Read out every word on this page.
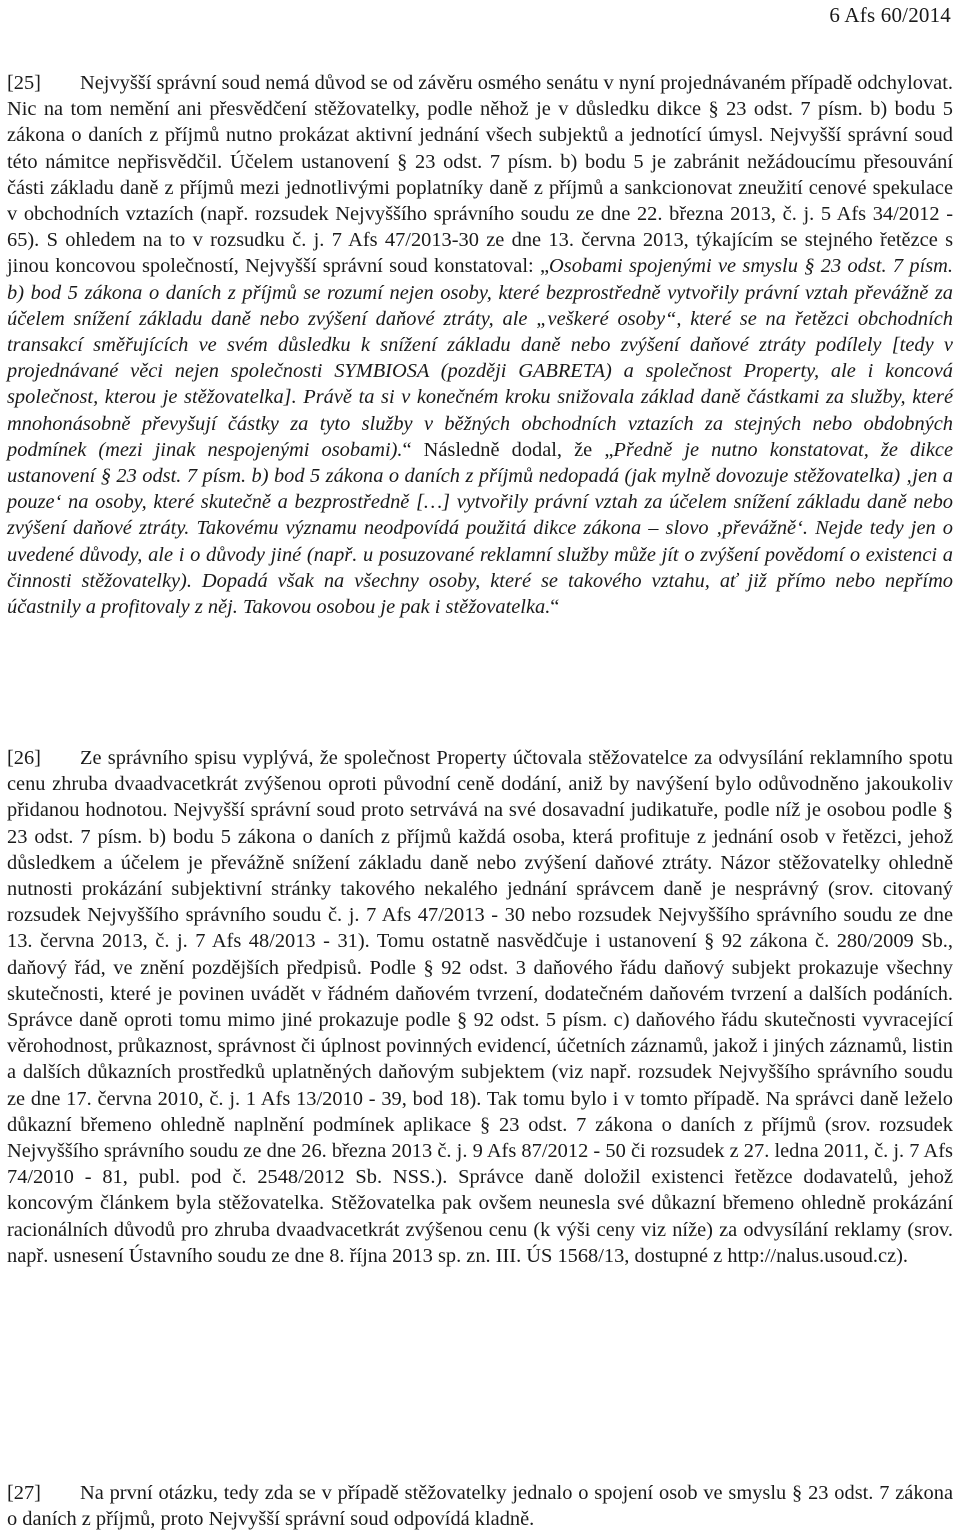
6 Afs 60/2014

[25] Nejvyšší správní soud nemá důvod se od závěru osmého senátu v nyní projednávaném případě odchylovat. Nic na tom nemění ani přesvědčení stěžovatelky, podle něhož je v důsledku dikce § 23 odst. 7 písm. b) bodu 5 zákona o daních z příjmů nutno prokázat aktivní jednání všech subjektů a jednotící úmysl. Nejvyšší správní soud této námitce nepřisvědčil. Účelem ustanovení § 23 odst. 7 písm. b) bodu 5 je zabránit nežádoucímu přesouvání části základu daně z příjmů mezi jednotlivými poplatníky daně z příjmů a sankcionovat zneužití cenové spekulace v obchodních vztazích (např. rozsudek Nejvyššího správního soudu ze dne 22. března 2013, č. j. 5 Afs 34/2012 - 65). S ohledem na to v rozsudku č. j. 7 Afs 47/2013-30 ze dne 13. června 2013, týkajícím se stejného řetězce s jinou koncovou společností, Nejvyšší správní soud konstatoval: „Osobami spojenými ve smyslu § 23 odst. 7 písm. b) bod 5 zákona o daních z příjmů se rozumí nejen osoby, které bezprostředně vytvořily právní vztah převážně za účelem snížení základu daně nebo zvýšení daňové ztráty, ale „veškeré osoby“, které se na řetězci obchodních transakcí směřujících ve svém důsledku k snížení základu daně nebo zvýšení daňové ztráty podílely [tedy v projednávané věci nejen společnosti SYMBIOSA (později GABRETA) a společnost Property, ale i koncová společnost, kterou je stěžovatelka]. Právě ta si v konečném kroku snižovala základ daně částkami za služby, které mnohonásobně převyšují částky za tyto služby v běžných obchodních vztazích za stejných nebo obdobných podmínek (mezi jinak nespojenými osobami).“ Následně dodal, že „Předně je nutno konstatovat, že dikce ustanovení § 23 odst. 7 písm. b) bod 5 zákona o daních z příjmů nedopadá (jak mylně dovozuje stěžovatelka) ‚jen a pouze‘ na osoby, které skutečně a bezprostředně […] vytvořily právní vztah za účelem snížení základu daně nebo zvýšení daňové ztráty. Takovému významu neodpovídá použitá dikce zákona – slovo ‚převážně‘. Nejde tedy jen o uvedené důvody, ale i o důvody jiné (např. u posuzované reklamní služby může jít o zvýšení povědomí o existenci a činnosti stěžovatelky). Dopadá však na všechny osoby, které se takového vztahu, ať již přímo nebo nepřímo účastnily a profitovaly z něj. Takovou osobou je pak i stěžovatelka.“

[26] Ze správního spisu vyplývá, že společnost Property účtovala stěžovatelce za odvysílání reklamního spotu cenu zhruba dvaadvacetkrát zvýšenou oproti původní ceně dodání, aniž by navýšení bylo odůvodněno jakoukoliv přidanou hodnotou. Nejvyšší správní soud proto setrvává na své dosavadní judikatuře, podle níž je osobou podle § 23 odst. 7 písm. b) bodu 5 zákona o daních z příjmů každá osoba, která profituje z jednání osob v řetězci, jehož důsledkem a účelem je převážně snížení základu daně nebo zvýšení daňové ztráty. Názor stěžovatelky ohledně nutnosti prokázání subjektivní stránky takového nekalého jednání správcem daně je nesprávný (srov. citovaný rozsudek Nejvyššího správního soudu č. j. 7 Afs 47/2013 - 30 nebo rozsudek Nejvyššího správního soudu ze dne 13. června 2013, č. j. 7 Afs 48/2013 - 31). Tomu ostatně nasvědčuje i ustanovení § 92 zákona č. 280/2009 Sb., daňový řád, ve znění pozdějších předpisů. Podle § 92 odst. 3 daňového řádu daňový subjekt prokazuje všechny skutečnosti, které je povinen uvádět v řádném daňovém tvrzení, dodatečném daňovém tvrzení a dalších podáních. Správce daně oproti tomu mimo jiné prokazuje podle § 92 odst. 5 písm. c) daňového řádu skutečnosti vyvracející věrohodnost, průkaznost, správnost či úplnost povinných evidencí, účetních záznamů, jakož i jiných záznamů, listin a dalších důkazních prostředků uplatněných daňovým subjektem (viz např. rozsudek Nejvyššího správního soudu ze dne 17. června 2010, č. j. 1 Afs 13/2010 - 39, bod 18). Tak tomu bylo i v tomto případě. Na správci daně leželo důkazní břemeno ohledně naplnění podmínek aplikace § 23 odst. 7 zákona o daních z příjmů (srov. rozsudek Nejvyššího správního soudu ze dne 26. března 2013 č. j. 9 Afs 87/2012 - 50 či rozsudek z 27. ledna 2011, č. j. 7 Afs 74/2010 - 81, publ. pod č. 2548/2012 Sb. NSS.). Správce daně doložil existenci řetězce dodavatelů, jehož koncovým článkem byla stěžovatelka. Stěžovatelka pak ovšem neunesla své důkazní břemeno ohledně prokázání racionálních důvodů pro zhruba dvaadvacetkrát zvýšenou cenu (k výši ceny viz níže) za odvysílání reklamy (srov. např. usnesení Ústavního soudu ze dne 8. října 2013 sp. zn. III. ÚS 1568/13, dostupné z http://nalus.usoud.cz).

[27] Na první otázku, tedy zda se v případě stěžovatelky jednalo o spojení osob ve smyslu § 23 odst. 7 zákona o daních z příjmů, proto Nejvyšší správní soud odpovídá kladně.
